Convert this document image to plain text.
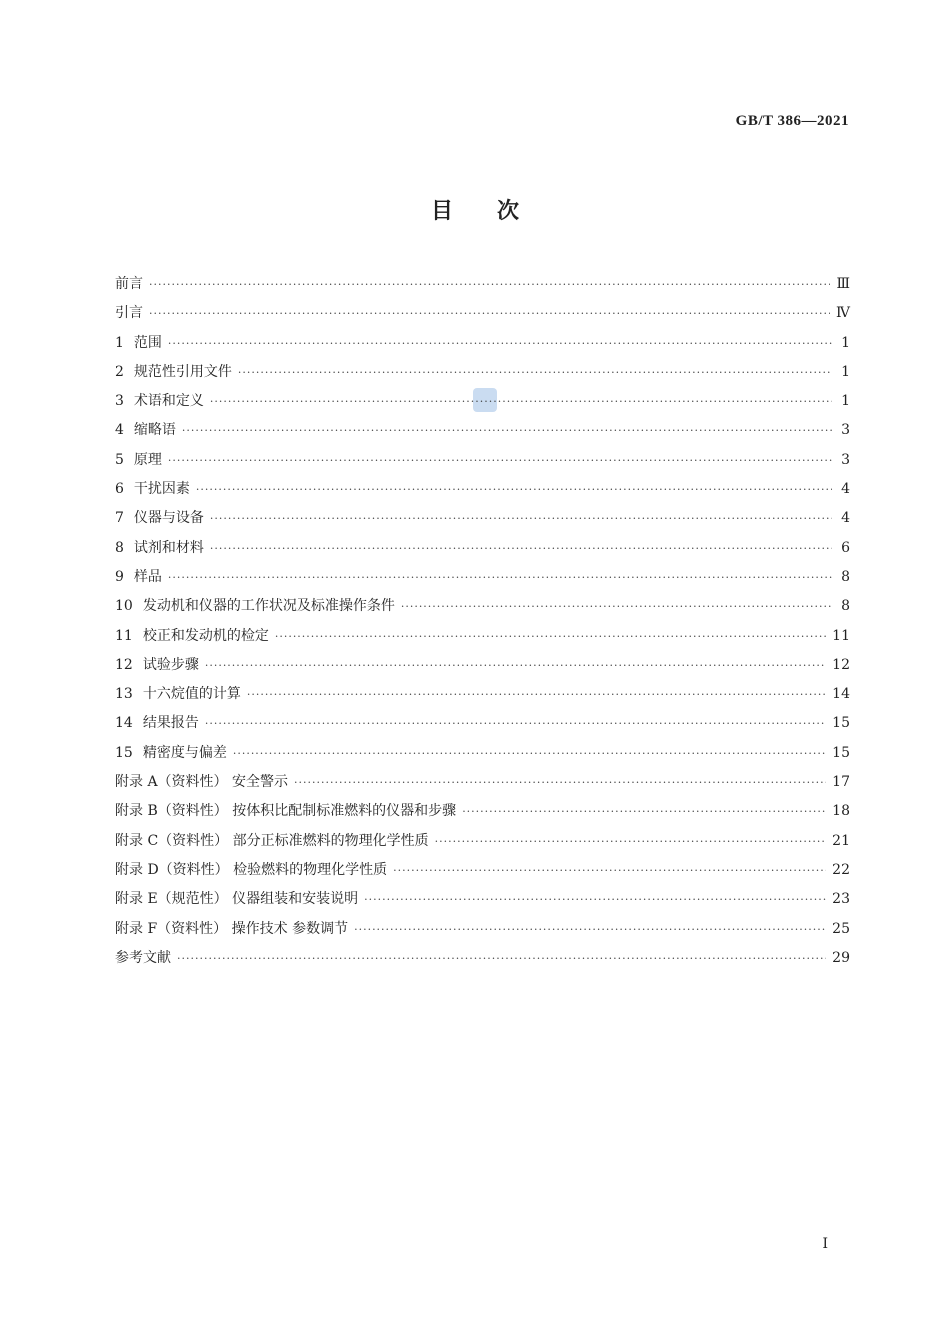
GB/T 386—2021
目次
前言 ·····	Ⅲ
引言 ·····	Ⅳ
1 范围 ·····	1
2 规范性引用文件 ·····	1
3 术语和定义 ·····	1
4 缩略语 ·····	3
5 原理 ·····	3
6 干扰因素 ·····	4
7 仪器与设备 ·····	4
8 试剂和材料 ·····	6
9 样品 ·····	8
10 发动机和仪器的工作状况及标准操作条件 ·····	8
11 校正和发动机的检定 ·····	11
12 试验步骤 ·····	12
13 十六烷值的计算 ·····	14
14 结果报告 ·····	15
15 精密度与偏差 ·····	15
附录 A（资料性） 安全警示 ·····	17
附录 B（资料性） 按体积比配制标准燃料的仪器和步骤 ·····	18
附录 C（资料性） 部分正标准燃料的物理化学性质 ·····	21
附录 D（资料性） 检验燃料的物理化学性质 ·····	22
附录 E（规范性） 仪器组装和安装说明 ·····	23
附录 F（资料性） 操作技术 参数调节 ·····	25
参考文献 ·····	29
I
